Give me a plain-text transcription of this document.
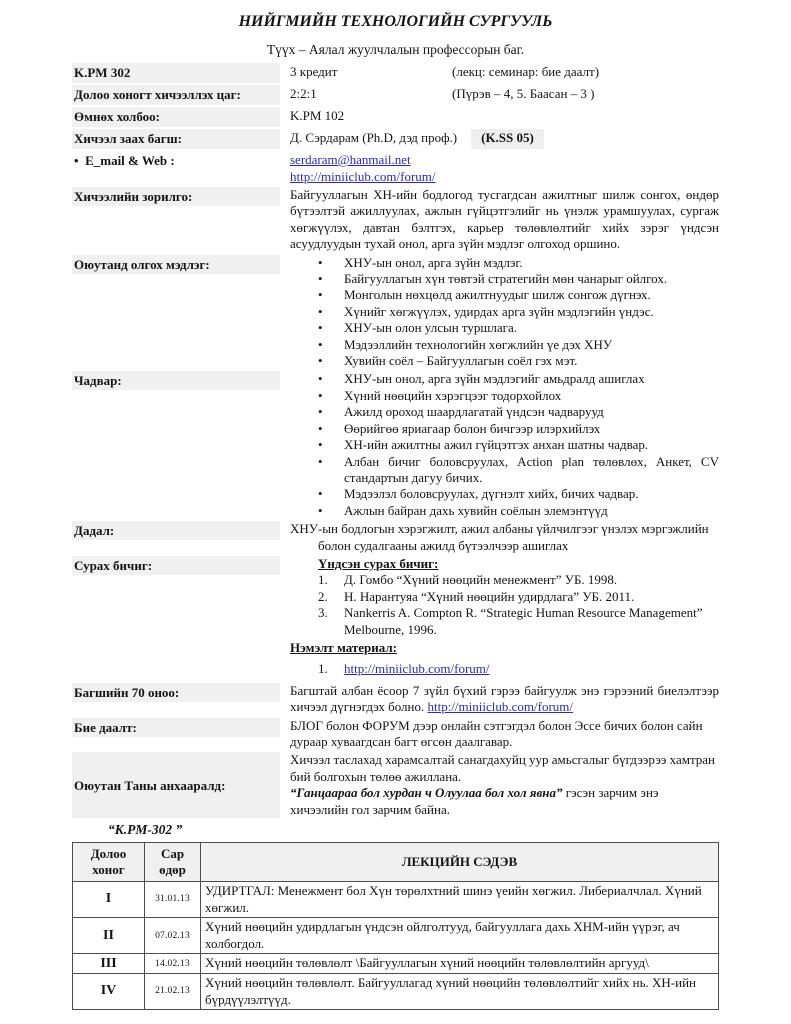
НИЙГМИЙН ТЕХНОЛОГИЙН СУРГУУЛЬ
Түүх – Аялал жуулчлалын профессорын баг.
K.PM 302	3 кредит	(лекц: семинар: бие даалт)
Долоо хоногт хичээллэх цаг:	2:2:1	(Пүрэв – 4, 5. Баасан – 3 )
Өмнөх холбоо:	K.PM 102
Хичээл заах багш:	Д. Сэрдарам (Ph.D, дэд проф.)	(K.SS 05)
• E_mail & Web :	serdaram@hanmail.net
http://miniiclub.com/forum/
Хичээлийн зорилго:	Байгууллагын ХН-ийн бодлогод тусгагдсан ажилтныг шилж сонгох, өндөр бүтээлтэй ажиллуулах, ажлын гүйцэтгэлийг нь үнэлж урамшуулах, сургаж хөгжүүлэх, давтан бэлтгэх, карьер төлөвлөлтийг хийх зэрэг үндсэн асуудлуудын тухай онол, арга зүйн мэдлэг олгоход оршино.
Оюутанд олгох мэдлэг:	•	ХНУ-ын онол, арга зүйн мэдлэг.
•	Байгууллагын хүн төвтэй стратегийн мөн чанарыг ойлгох.
•	Монголын нөхцөлд ажилтнуудыг шилж сонгож дүгнэх.
•	Хүнийг хөгжүүлэх, удирдах арга зүйн мэдлэгийн үндэс.
•	ХНУ-ын олон улсын туршлага.
•	Мэдээллийн технологийн хөгжлийн үе дэх ХНУ
•	Хувийн соёл – Байгууллагын соёл гэх мэт.
Чадвар:	•	ХНУ-ын онол, арга зүйн мэдлэгийг амьдралд ашиглах
•	Хүний нөөцийн хэрэгцээг тодорхойлох
•	Ажилд ороход шаардлагатай үндсэн чадварууд
•	Өөрийгөө яриагаар болон бичгээр илэрхийлэх
•	ХН-ийн ажилтны ажил гүйцэтгэх анхан шатны чадвар.
•	Албан бичиг боловсруулах, Action plan төлөвлөх, Анкет, CV стандартын дагуу бичих.
•	Мэдээлэл боловсруулах, дүгнэлт хийх, бичих чадвар.
•	Ажлын байран дахь хувийн соёлын элемэнтүүд
Дадал:	ХНУ-ын бодлогын хэрэгжилт, ажил албаны үйлчилгээг үнэлэх мэргэжлийн болон судалгааны ажилд бүтээлчээр ашиглах
Сурах бичиг:	Үндсэн сурах бичиг:
1.	Д. Гомбо “Хүний нөөцийн менежмент” УБ. 1998.
2.	Н. Нарантуяа “Хүний нөөцийн удирдлага” УБ. 2011.
3.	Nankerris A. Compton R. “Strategic Human Resource Management” Melbourne, 1996.
Нэмэлт материал:
1.	http://miniiclub.com/forum/
Багшийн 70 оноо:	Багштай албан ёсоор 7 зүйл бүхий гэрээ байгуулж энэ гэрээний биелэлтээр хичээл дүгнэгдэх болно. http://miniiclub.com/forum/
Бие даалт:	БЛОГ болон ФОРУМ дээр онлайн сэтгэгдэл болон Эссе бичих болон сайн дураар хуваагдсан багт өгсөн даалгавар.
Оюутан Таны анхааралд:

Хичээл таслахад харамсалтай санагдахуйц уур амьсгалыг бүгдээрээ хамтран бий болгохын төлөө ажиллана.

“Ганцаараа бол хурдан ч Олуулаа бол хол явна” гэсэн зарчим энэ хичээлийн гол зарчим байна.

“K.PM-302 ”
Долоо хоног	Сар өдөр	ЛЕКЦИЙН СЭДЭВ
I	31.01.13	УДИРТГАЛ: Менежмент бол Хүн төрөлхтний шинэ үеийн хөгжил. Либериалчлал. Хүний хөгжил.
II	07.02.13	Хүний нөөцийн удирдлагын үндсэн ойлголтууд, байгууллага дахь ХНМ-ийн үүрэг, ач холбогдол.
III	14.02.13	Хүний нөөцийн төлөвлөлт \Байгууллагын хүний нөөцийн төлөвлөлтийн аргууд\
IV	21.02.13	Хүний нөөцийн төлөвлөлт. Байгууллагад хүний нөөцийн төлөвлөлтийг хийх нь. ХН-ийн бүрдүүлэлтүүд.
